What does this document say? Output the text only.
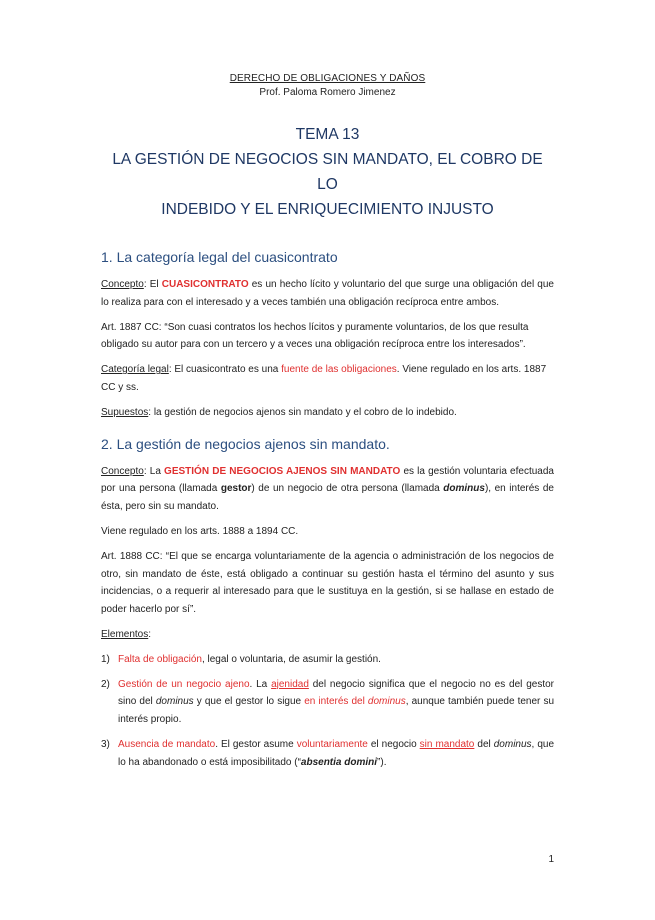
DERECHO DE OBLIGACIONES Y DAÑOS
Prof. Paloma Romero Jimenez
TEMA 13
LA GESTIÓN DE NEGOCIOS SIN MANDATO, EL COBRO DE LO
INDEBIDO Y EL ENRIQUECIMIENTO INJUSTO
1. La categoría legal del cuasicontrato

Concepto: El CUASICONTRATO es un hecho lícito y voluntario del que surge una obligación del que lo realiza para con el interesado y a veces también una obligación recíproca entre ambos.

Art. 1887 CC: “Son cuasi contratos los hechos lícitos y puramente voluntarios, de los que resulta obligado su autor para con un tercero y a veces una obligación recíproca entre los interesados”.

Categoría legal: El cuasicontrato es una fuente de las obligaciones. Viene regulado en los arts. 1887 CC y ss.

Supuestos: la gestión de negocios ajenos sin mandato y el cobro de lo indebido.

2. La gestión de negocios ajenos sin mandato.

Concepto: La GESTIÓN DE NEGOCIOS AJENOS SIN MANDATO es la gestión voluntaria efectuada por una persona (llamada gestor) de un negocio de otra persona (llamada dominus), en interés de ésta, pero sin su mandato.

Viene regulado en los arts. 1888 a 1894 CC.

Art. 1888 CC: “El que se encarga voluntariamente de la agencia o administración de los negocios de otro, sin mandato de éste, está obligado a continuar su gestión hasta el término del asunto y sus incidencias, o a requerir al interesado para que le sustituya en la gestión, si se hallase en estado de poder hacerlo por sí”.

Elementos:

1) Falta de obligación, legal o voluntaria, de asumir la gestión.
2) Gestión de un negocio ajeno. La ajenidad del negocio significa que el negocio no es del gestor sino del dominus y que el gestor lo sigue en interés del dominus, aunque también puede tener su interés propio.
3) Ausencia de mandato. El gestor asume voluntariamente el negocio sin mandato del dominus, que lo ha abandonado o está imposibilitado (“absentia domini”).
1
